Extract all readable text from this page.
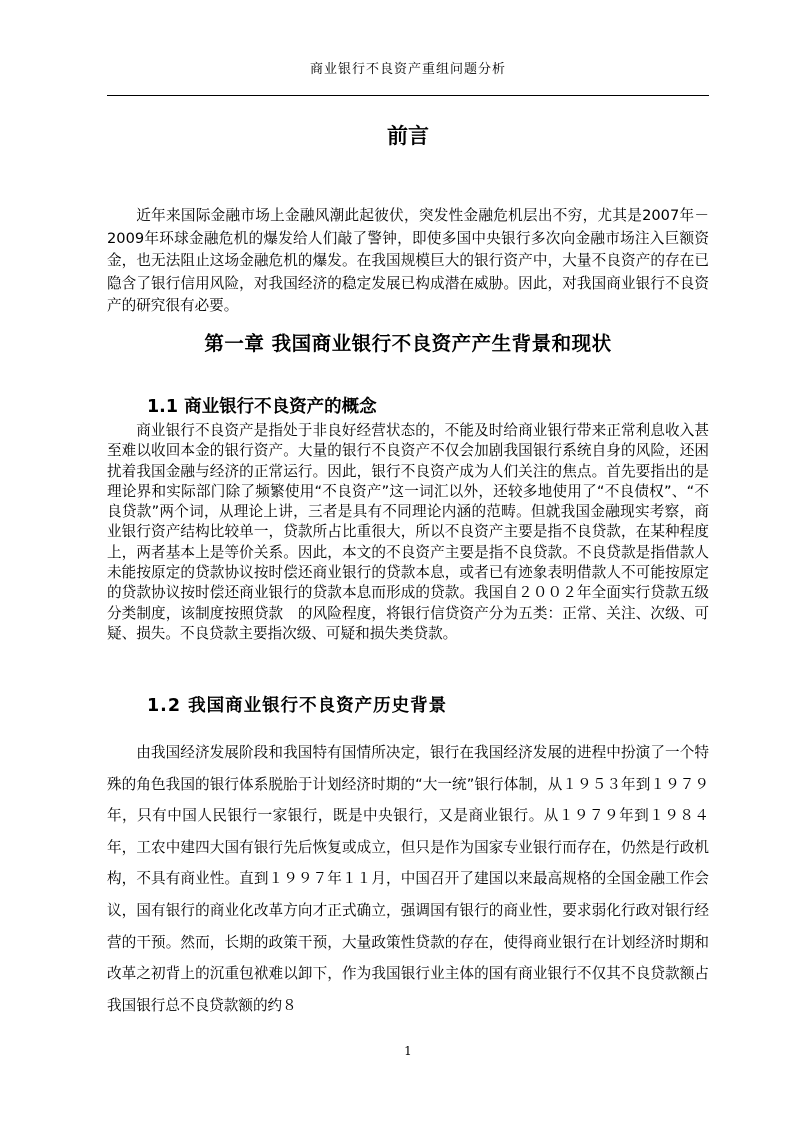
商业银行不良资产重组问题分析
前言

近年来国际金融市场上金融风潮此起彼伏，突发性金融危机层出不穷，尤其是2007年－2009年环球金融危机的爆发给人们敲了警钟，即使多国中央银行多次向金融市场注入巨额资金，也无法阻止这场金融危机的爆发。在我国规模巨大的银行资产中，大量不良资产的存在已隐含了银行信用风险，对我国经济的稳定发展已构成潜在威胁。因此，对我国商业银行不良资产的研究很有必要。

第一章 我国商业银行不良资产产生背景和现状
1.1 商业银行不良资产的概念

商业银行不良资产是指处于非良好经营状态的，不能及时给商业银行带来正常利息收入甚至难以收回本金的银行资产。大量的银行不良资产不仅会加剧我国银行系统自身的风险，还困扰着我国金融与经济的正常运行。因此，银行不良资产成为人们关注的焦点。首先要指出的是理论界和实际部门除了频繁使用“不良资产”这一词汇以外，还较多地使用了“不良债权”、“不良贷款”两个词，从理论上讲，三者是具有不同理论内涵的范畴。但就我国金融现实考察，商业银行资产结构比较单一，贷款所占比重很大，所以不良资产主要是指不良贷款，在某种程度上，两者基本上是等价关系。因此，本文的不良资产主要是指不良贷款。不良贷款是指借款人未能按原定的贷款协议按时偿还商业银行的贷款本息，或者已有迹象表明借款人不可能按原定的贷款协议按时偿还商业银行的贷款本息而形成的贷款。我国自２００２年全面实行贷款五级分类制度，该制度按照贷款　的风险程度，将银行信贷资产分为五类：正常、关注、次级、可　疑、损失。不良贷款主要指次级、可疑和损失类贷款。

1.2 我国商业银行不良资产历史背景

由我国经济发展阶段和我国特有国情所决定，银行在我国经济发展的进程中扮演了一个特殊的角色我国的银行体系脱胎于计划经济时期的“大一统”银行体制，从１９５３年到１９７９年，只有中国人民银行一家银行，既是中央银行，又是商业银行。从１９７９年到１９８４年，工农中建四大国有银行先后恢复或成立，但只是作为国家专业银行而存在，仍然是行政机构，不具有商业性。直到１９９７年１１月，中国召开了建国以来最高规格的全国金融工作会议，国有银行的商业化改革方向才正式确立，强调国有银行的商业性，要求弱化行政对银行经营的干预。然而，长期的政策干预，大量政策性贷款的存在，使得商业银行在计划经济时期和改革之初背上的沉重包袱难以卸下，作为我国银行业主体的国有商业银行不仅其不良贷款额占我国银行总不良贷款额的约８

1
